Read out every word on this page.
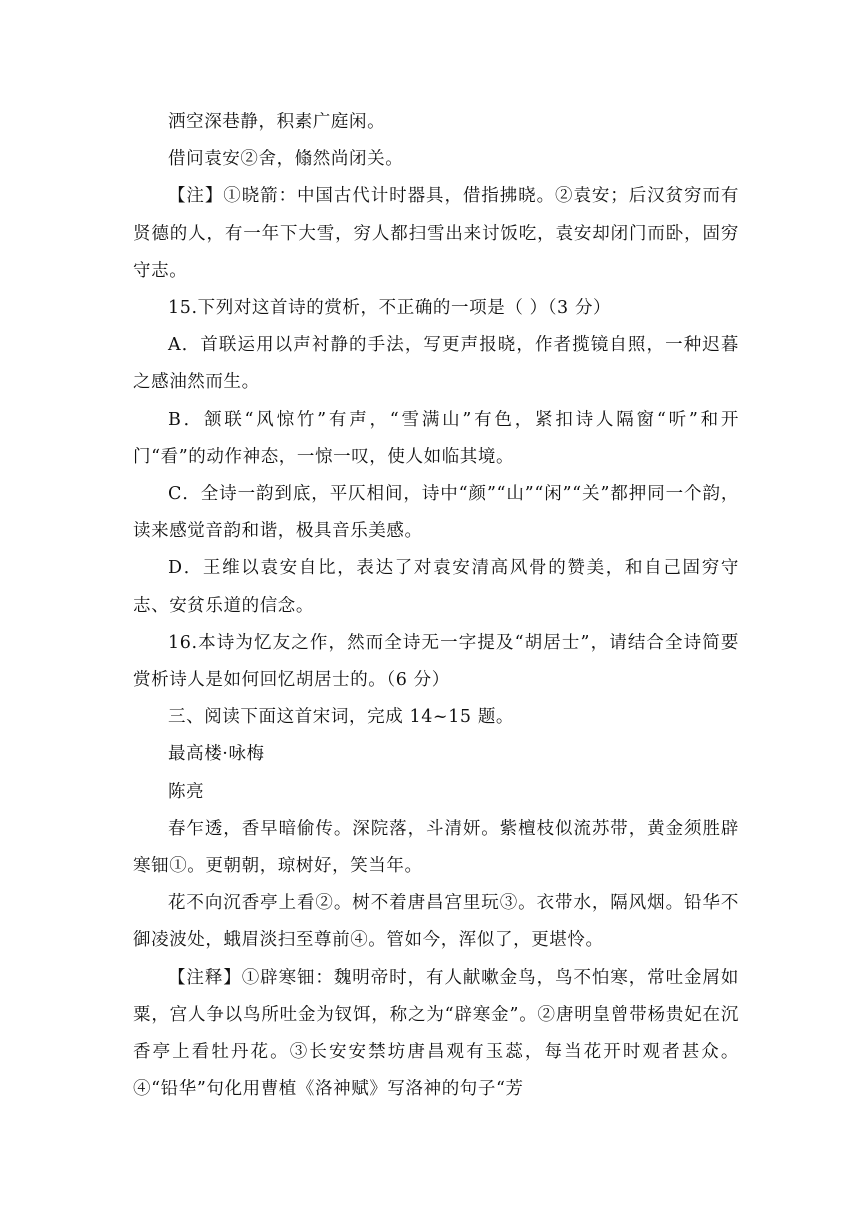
洒空深巷静，积素广庭闲。

借问袁安②舍，翛然尚闭关。

【注】①晓箭：中国古代计时器具，借指拂晓。②袁安；后汉贫穷而有贤德的人，有一年下大雪，穷人都扫雪出来讨饭吃，袁安却闭门而卧，固穷守志。

15.下列对这首诗的赏析，不正确的一项是（ ）（3 分）

A．首联运用以声衬静的手法，写更声报晓，作者揽镜自照，一种迟暮之感油然而生。

B．颔联“风惊竹”有声，“雪满山”有色，紧扣诗人隔窗“听”和开门“看”的动作神态，一惊一叹，使人如临其境。

C．全诗一韵到底，平仄相间，诗中“颜”“山”“闲”“关”都押同一个韵，读来感觉音韵和谐，极具音乐美感。

D．王维以袁安自比，表达了对袁安清高风骨的赞美，和自己固穷守志、安贫乐道的信念。

16.本诗为忆友之作，然而全诗无一字提及“胡居士”，请结合全诗简要赏析诗人是如何回忆胡居士的。（6 分）

三、阅读下面这首宋词，完成 14~15 题。

最高楼·咏梅

陈亮

春乍透，香早暗偷传。深院落，斗清妍。紫檀枝似流苏带，黄金须胜辟寒钿①。更朝朝，琼树好，笑当年。

花不向沉香亭上看②。树不着唐昌宫里玩③。衣带水，隔风烟。铅华不御凌波处，蛾眉淡扫至尊前④。管如今，浑似了，更堪怜。

【注释】①辟寒钿：魏明帝时，有人献嗽金鸟，鸟不怕寒，常吐金屑如粟，宫人争以鸟所吐金为钗饵，称之为“辟寒金”。②唐明皇曾带杨贵妃在沉香亭上看牡丹花。③长安安禁坊唐昌观有玉蕊，每当花开时观者甚众。④“铅华”句化用曹植《洛神赋》写洛神的句子“芳
